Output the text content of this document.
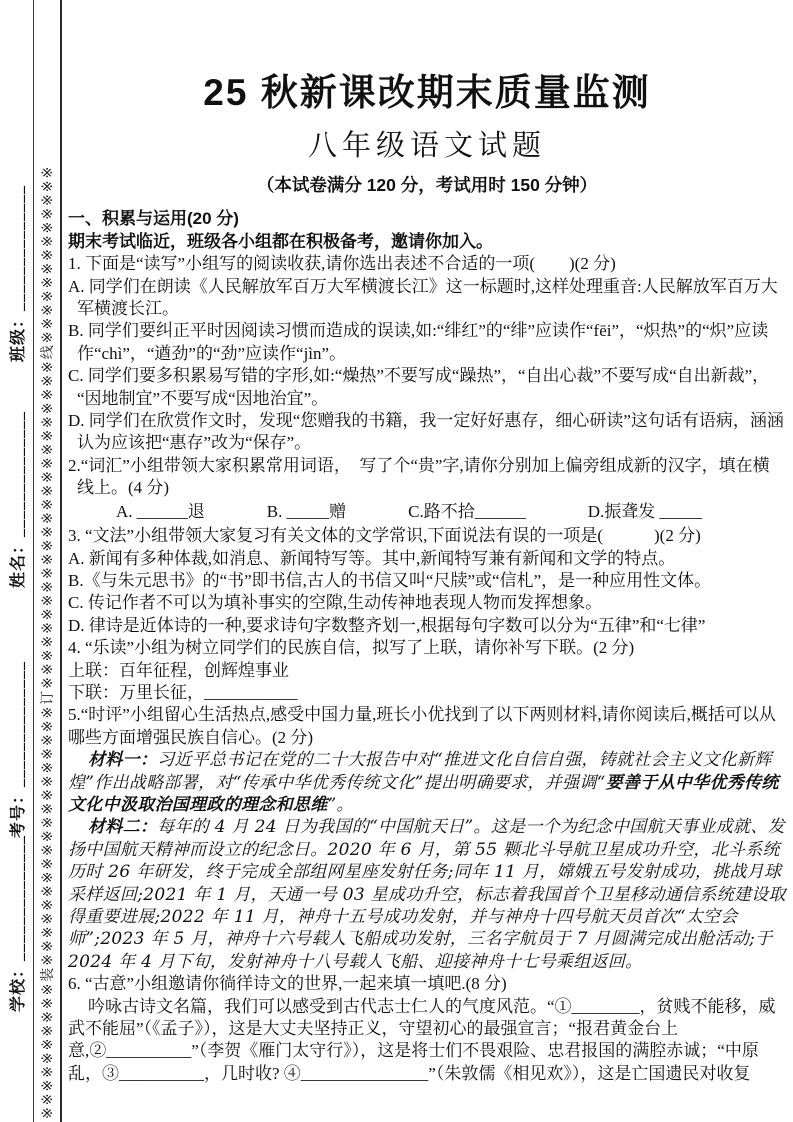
※※※※※※※※※※装※※※※※※※※※※※※※※※※※※※订※※※※※※※※※※※※※※※※※※※※※※※※线※※※※※※※※※※※※※
班级：______________
姓名：______________
考号：______________
学校：______________
25 秋新课改期末质量监测
八年级语文试题
（本试卷满分 120 分，考试用时 150 分钟）

一、积累与运用(20 分)

期末考试临近，班级各小组都在积极备考，邀请你加入。

1. 下面是“读写”小组写的阅读收获,请你选出表述不合适的一项(　　)(2 分)

A. 同学们在朗读《人民解放军百万大军横渡长江》这一标题时,这样处理重音:人民解放军百万大军横渡长江。

B. 同学们要纠正平时因阅读习惯而造成的误读,如:“绯红”的“绯”应读作“fēi”，“炽热”的“炽”应读作“chì”，“遒劲”的“劲”应读作“jìn”。

C. 同学们要多积累易写错的字形,如:“燥热”不要写成“躁热”，“自出心裁”不要写成“自出新裁”， “因地制宜”不要写成“因地治宜”。

D. 同学们在欣赏作文时，发现“您赠我的书籍，我一定好好惠存，细心研读”这句话有语病，涵涵认为应该把“惠存”改为“保存”。

2.“词汇”小组带领大家积累常用词语，　写了个“贵”字,请你分别加上偏旁组成新的汉字，填在横线上。(4 分)

A. ______退	B. _____赠	C.路不拾______	D.振聋发 _____

3. “文法”小组带领大家复习有关文体的文学常识,下面说法有误的一项是(　　　)(2 分)

A. 新闻有多种体裁,如消息、新闻特写等。其中,新闻特写兼有新闻和文学的特点。

B.《与朱元思书》的“书”即书信,古人的书信又叫“尺牍”或“信札”，是一种应用性文体。

C. 传记作者不可以为填补事实的空隙,生动传神地表现人物而发挥想象。

D. 律诗是近体诗的一种,要求诗句字数整齐划一,根据每句字数可以分为“五律”和“七律”

4. “乐读”小组为树立同学们的民族自信，拟写了上联，请你补写下联。(2 分)

上联：百年征程，创辉煌事业

下联：万里长征，___________

5.“时评”小组留心生活热点,感受中国力量,班长小优找到了以下两则材料,请你阅读后,概括可以从哪些方面增强民族自信心。(2 分)

材料一：习近平总书记在党的二十大报告中对“推进文化自信自强，铸就社会主义文化新辉煌”作出战略部署，对“传承中华优秀传统文化”提出明确要求，并强调“要善于从中华优秀传统文化中汲取治国理政的理念和思维”。

材料二：每年的 4 月 24 日为我国的“中国航天日”。这是一个为纪念中国航天事业成就、发扬中国航天精神而设立的纪念日。2020 年 6 月，第 55 颗北斗导航卫星成功升空，北斗系统历时 26 年研发，终于完成全部组网星座发射任务;同年 11 月，嫦娥五号发射成功，挑战月球采样返回;2021 年 1 月，天通一号 03 星成功升空，标志着我国首个卫星移动通信系统建设取得重要进展;2022 年 11 月，神舟十五号成功发射，并与神舟十四号航天员首次“太空会师”;2023 年 5 月，神舟十六号载人飞船成功发射，三名字航员于 7 月圆满完成出舱活动;于 2024 年 4 月下旬，发射神舟十八号载人飞船、迎接神舟十七号乘组返回。

6. “古意”小组邀请你徜徉诗文的世界,一起来填一填吧.(8 分)

吟咏古诗文名篇，我们可以感受到古代志士仁人的气度风范。“①________，贫贱不能移，威武不能屈”（《孟子》），这是大丈夫坚持正义，守望初心的最强宣言；“报君黄金台上意,②__________”（李贺《雁门太守行》），这是将士们不畏艰险、忠君报国的满腔赤诚；“中原乱，③__________，几时收? ④_______________”（朱敦儒《相见欢》），这是亡国遗民对收复
